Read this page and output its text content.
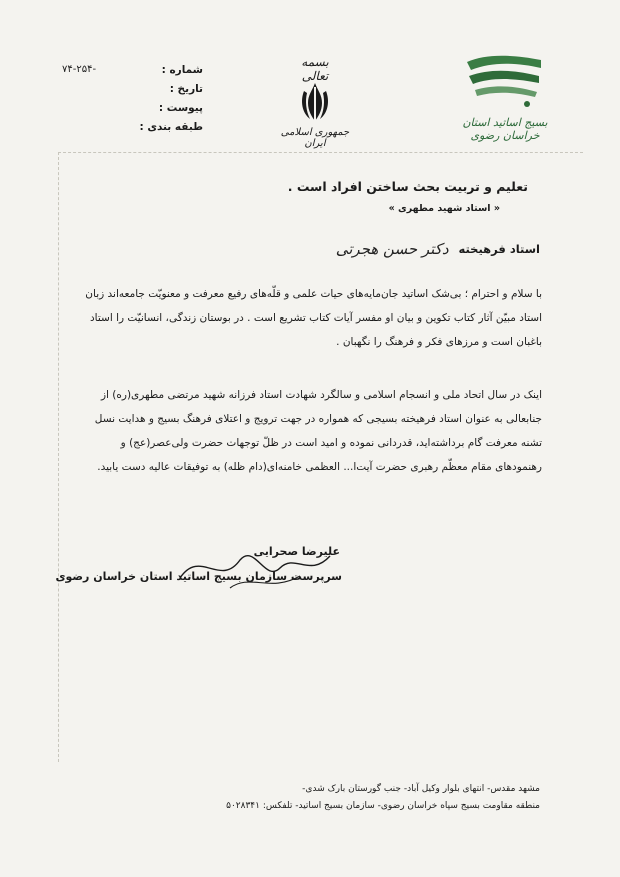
شماره :
۷۴-۲۵۴-
تاریخ :
پیوست :
طبقه بندی :
بسمه تعالی
جمهوری اسلامی ایران
بسیج اساتید استان خراسان رضوی
تعلیم و تربیت بحث ساختن افراد است .
« استاد شهید مطهری »
استاد فرهیخته
دکتر حسن هجرتی
با سلام و احترام ؛ بی‌شک اساتید جان‌مایه‌های حیات علمی و قلّه‌های رفیع معرفت و معنویّت جامعه‌اند زبان استاد مبیّن آثار کتاب تکوین و بیان او مفسر آیات کتاب تشریع است . در بوستان زندگی، انسانیّت را استاد باغبان است و مرزهای فکر و فرهنگ را نگهبان .
اینک در سال اتحاد ملی و انسجام اسلامی و سالگرد شهادت استاد فرزانه شهید مرتضی مطهری(ره) از جنابعالی به عنوان استاد فرهیخته بسیجی که همواره در جهت ترویج و اعتلای فرهنگ بسیج و هدایت نسل تشنه معرفت گام برداشته‌اید، قدردانی نموده و امید است در ظلّ توجهات حضرت ولی‌عصر(عج) و رهنمودهای مقام معظّم رهبری حضرت آیت‌ا... العظمی خامنه‌ای(دام ظله) به توفیقات عالیه دست یابید.
علیرضا صحرایی
سرپرست سازمان بسیج اساتید استان خراسان رضوی
مشهد مقدس- انتهای بلوار وکیل آباد- جنب گورستان بارک شدی-
منطقه مقاومت بسیج سپاه خراسان رضوی- سازمان بسیج اساتید- تلفکس: ۵۰۲۸۳۴۱
